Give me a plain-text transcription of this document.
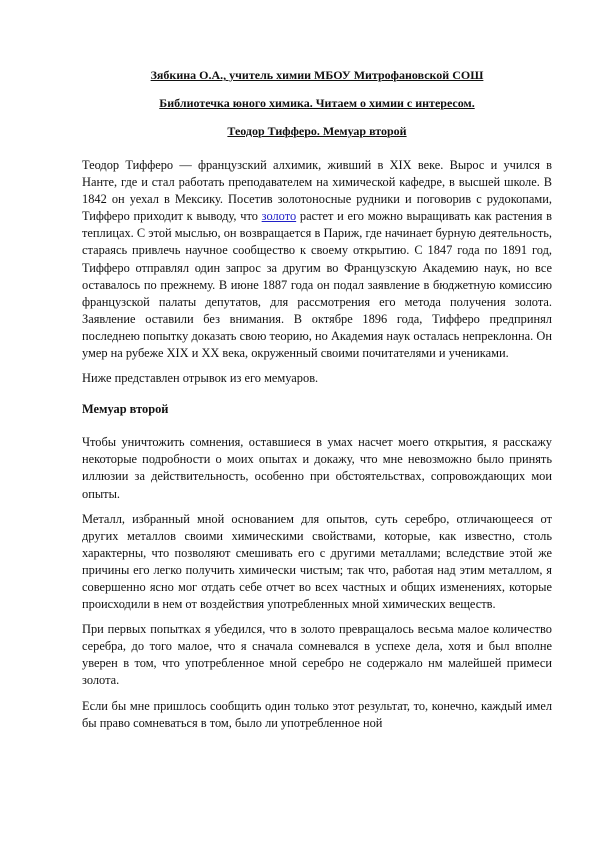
Зябкина О.А., учитель химии МБОУ Митрофановской СОШ

Библиотечка юного химика. Читаем о химии с интересом.

Теодор Тифферо. Мемуар второй

Теодор Тифферо — французский алхимик, живший в XIX веке. Вырос и учился в Нанте, где и стал работать преподавателем на химической кафедре, в высшей школе. В 1842 он уехал в Мексику. Посетив золотоносные рудники и поговорив с рудокопами, Тифферо приходит к выводу, что золото растет и его можно выращивать как растения в теплицах. С этой мыслью, он возвращается в Париж, где начинает бурную деятельность, стараясь привлечь научное сообщество к своему открытию. С 1847 года по 1891 год, Тифферо отправлял один запрос за другим во Французскую Академию наук, но все оставалось по прежнему. В июне 1887 года он подал заявление в бюджетную комиссию французской палаты депутатов, для рассмотрения его метода получения золота. Заявление оставили без внимания. В октябре 1896 года, Тифферо предпринял последнею попытку доказать свою теорию, но Академия наук осталась непреклонна. Он умер на рубеже XIX и XX века, окруженный своими почитателями и учениками.

Ниже представлен отрывок из его мемуаров.

Мемуар второй

Чтобы уничтожить сомнения, оставшиеся в умах насчет моего открытия, я расскажу некоторые подробности о моих опытах и докажу, что мне невозможно было принять иллюзии за действительность, особенно при обстоятельствах, сопровождающих мои опыты.

Металл, избранный мной основанием для опытов, суть серебро, отличающееся от других металлов своими химическими свойствами, которые, как известно, столь характерны, что позволяют смешивать его с другими металлами; вследствие этой же причины его легко получить химически чистым; так что, работая над этим металлом, я совершенно ясно мог отдать себе отчет во всех частных и общих изменениях, которые происходили в нем от воздействия употребленных мной химических веществ.

При первых попытках я убедился, что в золото превращалось весьма малое количество серебра, до того малое, что я сначала сомневался в успехе дела, хотя и был вполне уверен в том, что употребленное мной серебро не содержало нм малейшей примеси золота.

Если бы мне пришлось сообщить один только этот результат, то, конечно, каждый имел бы право сомневаться в том, было ли употребленное ной
